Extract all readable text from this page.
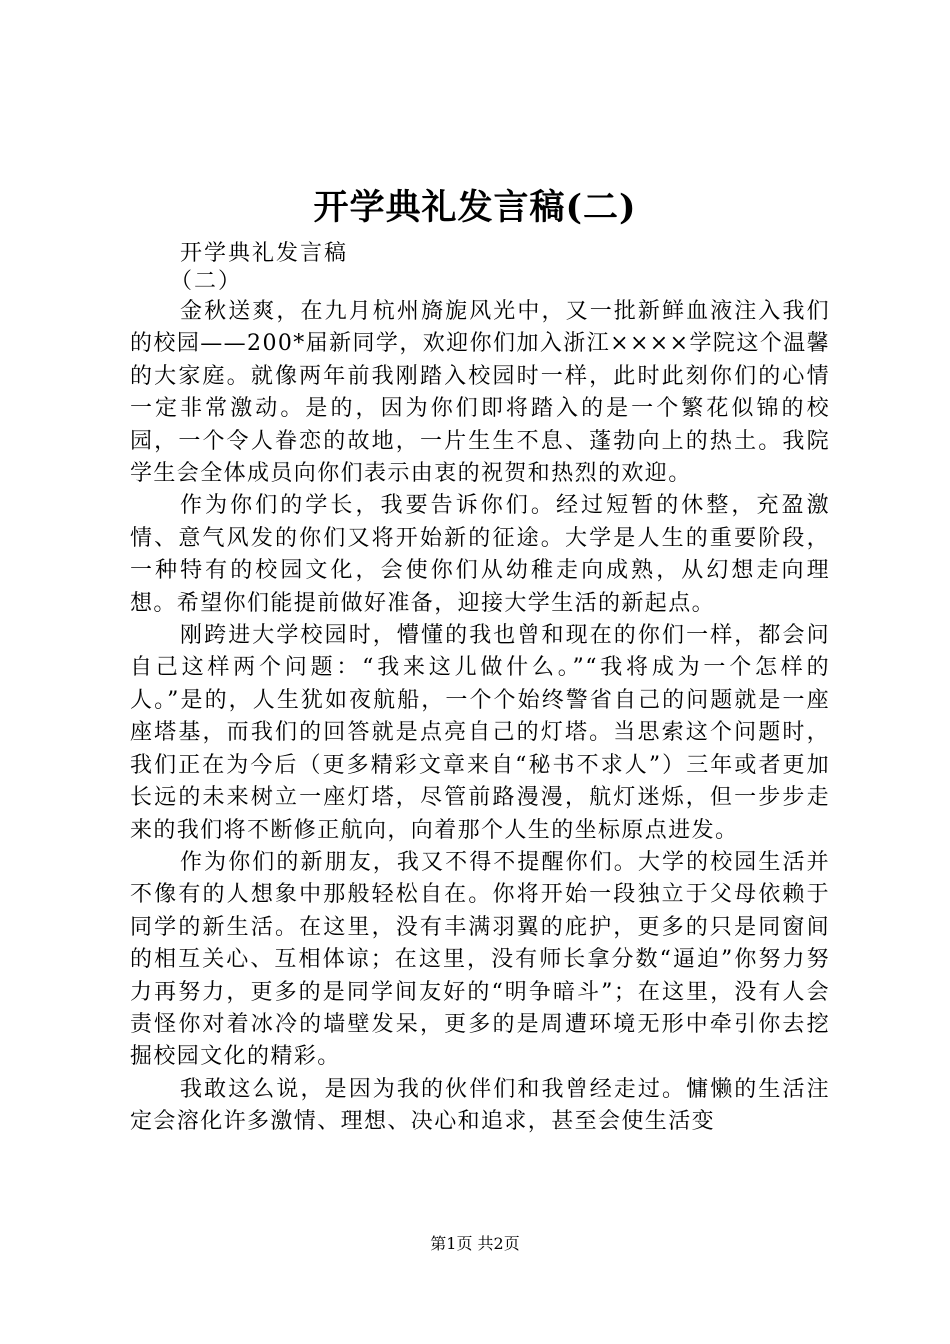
开学典礼发言稿(二)
开学典礼发言稿
（二）

金秋送爽，在九月杭州旖旎风光中，又一批新鲜血液注入我们的校园——200*届新同学，欢迎你们加入浙江××××学院这个温馨的大家庭。就像两年前我刚踏入校园时一样，此时此刻你们的心情一定非常激动。是的，因为你们即将踏入的是一个繁花似锦的校园，一个令人眷恋的故地，一片生生不息、蓬勃向上的热土。我院学生会全体成员向你们表示由衷的祝贺和热烈的欢迎。

作为你们的学长，我要告诉你们。经过短暂的休整，充盈激情、意气风发的你们又将开始新的征途。大学是人生的重要阶段，一种特有的校园文化，会使你们从幼稚走向成熟，从幻想走向理想。希望你们能提前做好准备，迎接大学生活的新起点。

刚跨进大学校园时，懵懂的我也曾和现在的你们一样，都会问自己这样两个问题：“我来这儿做什么。”“我将成为一个怎样的人。”是的，人生犹如夜航船，一个个始终警省自己的问题就是一座座塔基，而我们的回答就是点亮自己的灯塔。当思索这个问题时，我们正在为今后（更多精彩文章来自“秘书不求人”）三年或者更加长远的未来树立一座灯塔，尽管前路漫漫，航灯迷烁，但一步步走来的我们将不断修正航向，向着那个人生的坐标原点进发。

作为你们的新朋友，我又不得不提醒你们。大学的校园生活并不像有的人想象中那般轻松自在。你将开始一段独立于父母依赖于同学的新生活。在这里，没有丰满羽翼的庇护，更多的只是同窗间的相互关心、互相体谅；在这里，没有师长拿分数“逼迫”你努力努力再努力，更多的是同学间友好的“明争暗斗”；在这里，没有人会责怪你对着冰冷的墙壁发呆，更多的是周遭环境无形中牵引你去挖掘校园文化的精彩。

我敢这么说，是因为我的伙伴们和我曾经走过。慵懒的生活注定会溶化许多激情、理想、决心和追求，甚至会使生活变

第1页 共2页
